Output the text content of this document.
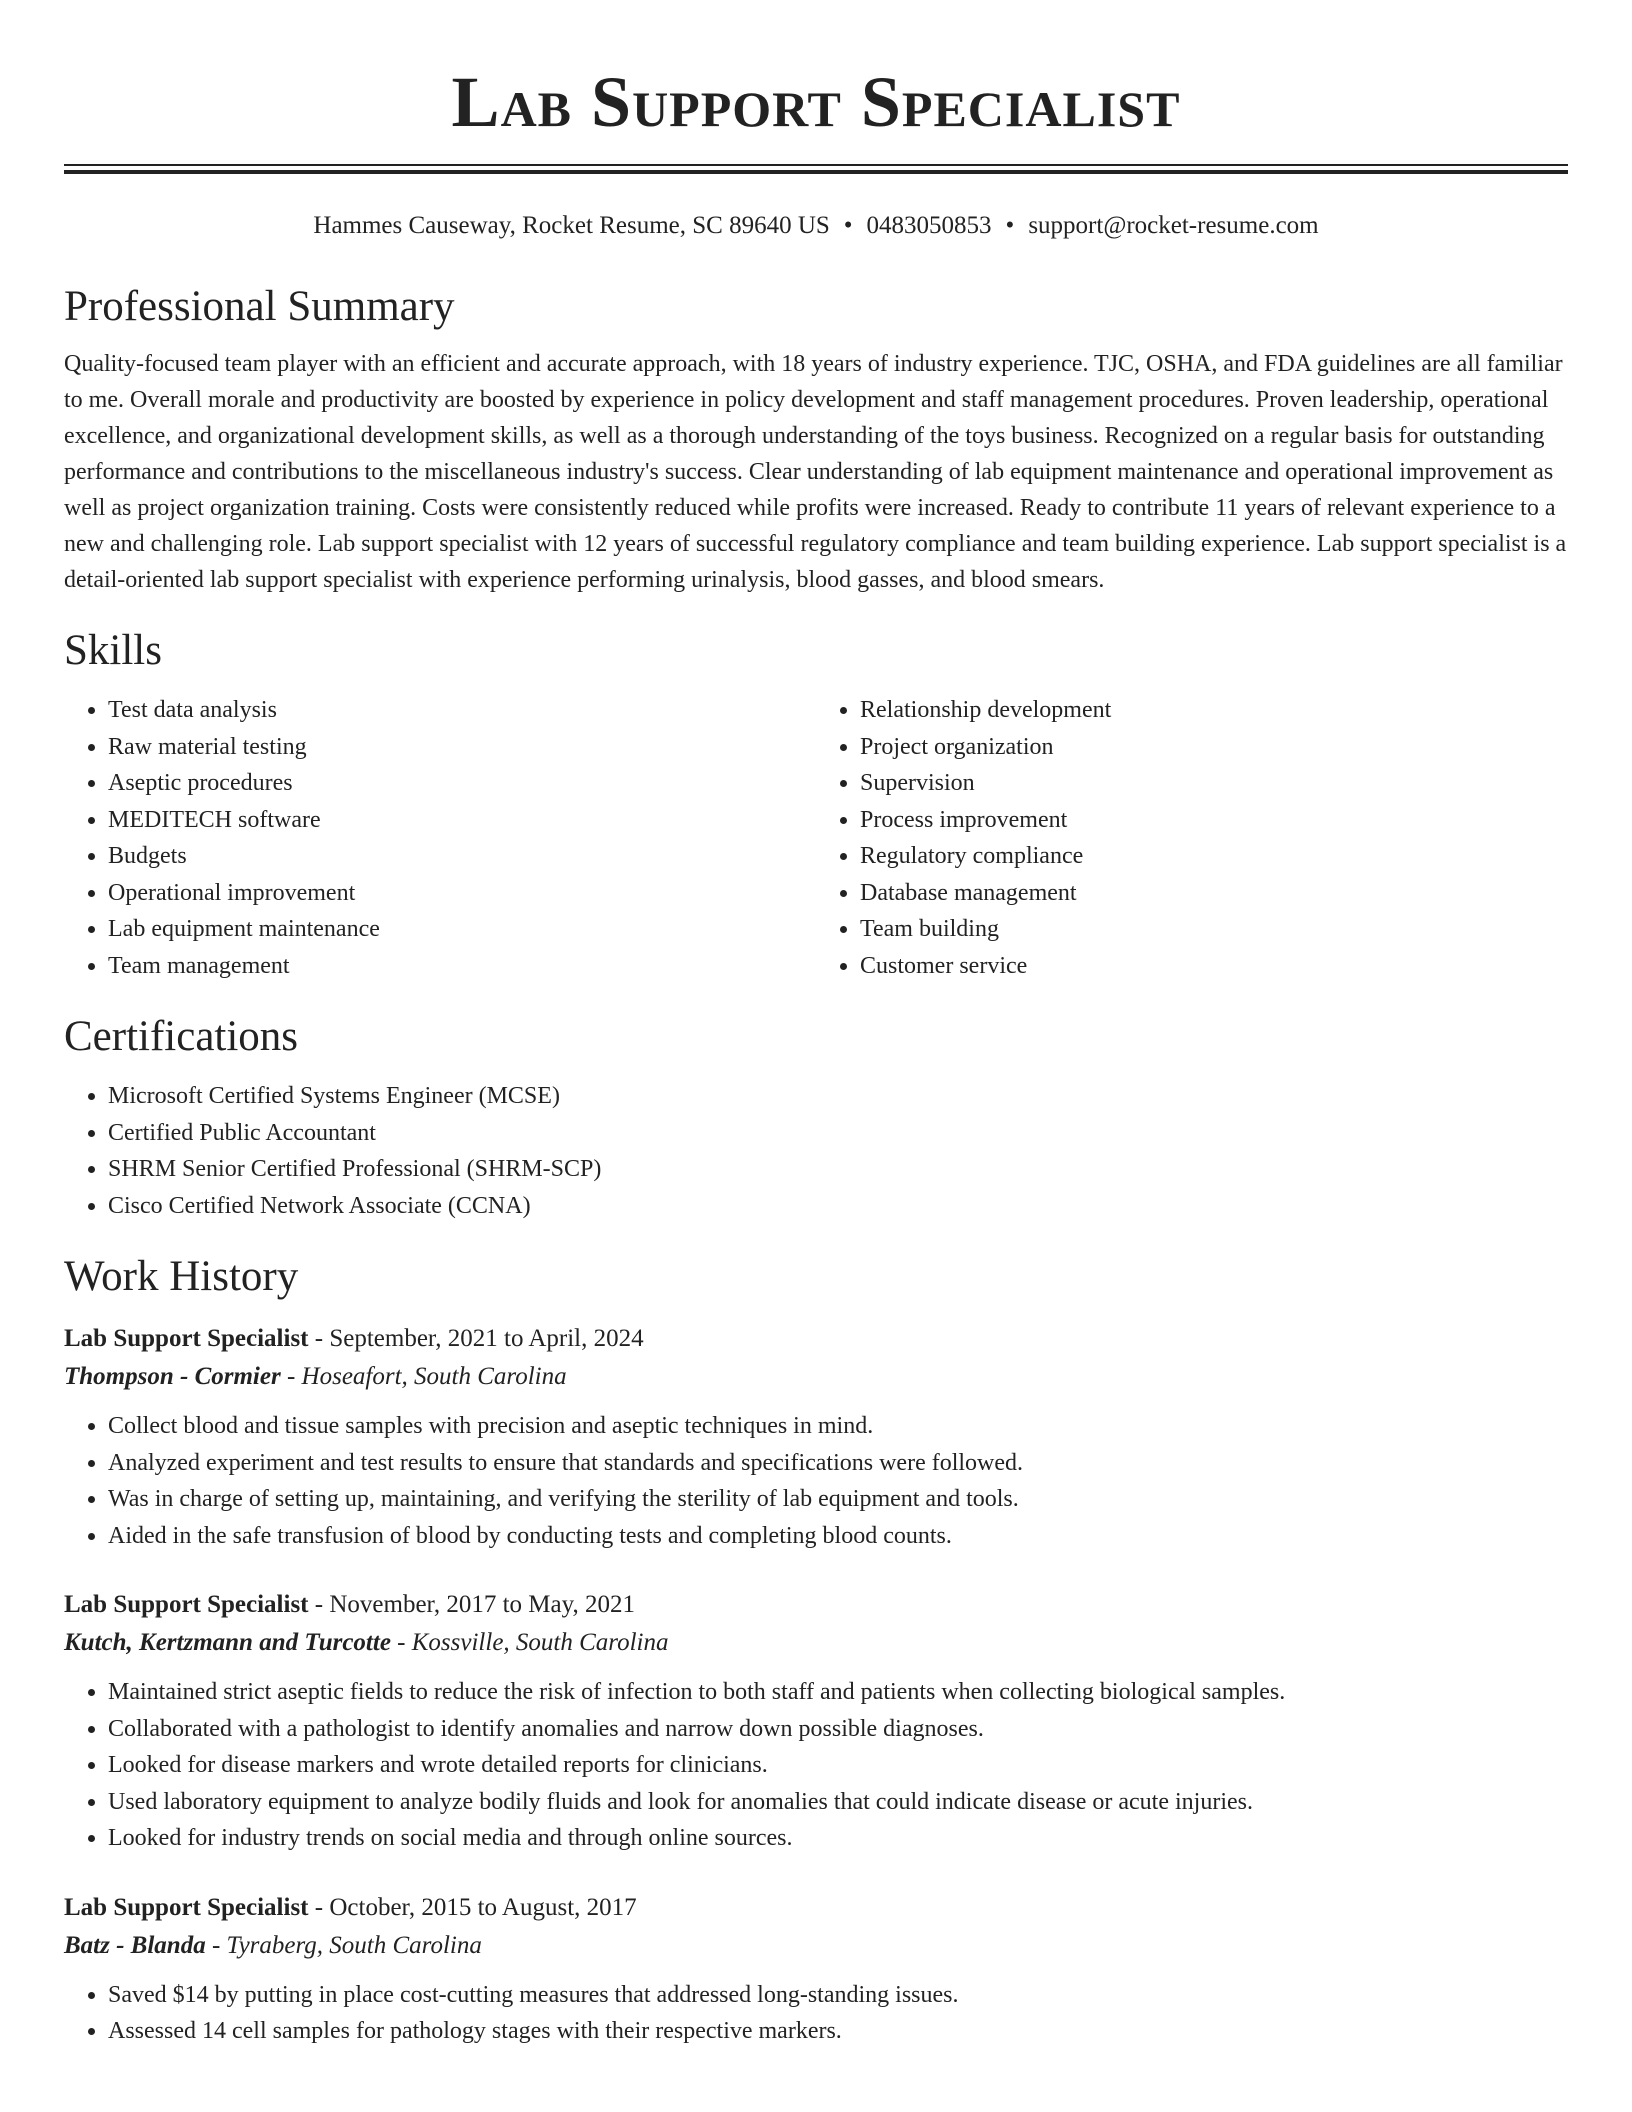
Lab Support Specialist
Hammes Causeway, Rocket Resume, SC 89640 US • 0483050853 • support@rocket-resume.com
Professional Summary

Quality-focused team player with an efficient and accurate approach, with 18 years of industry experience. TJC, OSHA, and FDA guidelines are all familiar to me. Overall morale and productivity are boosted by experience in policy development and staff management procedures. Proven leadership, operational excellence, and organizational development skills, as well as a thorough understanding of the toys business. Recognized on a regular basis for outstanding performance and contributions to the miscellaneous industry's success. Clear understanding of lab equipment maintenance and operational improvement as well as project organization training. Costs were consistently reduced while profits were increased. Ready to contribute 11 years of relevant experience to a new and challenging role. Lab support specialist with 12 years of successful regulatory compliance and team building experience. Lab support specialist is a detail-oriented lab support specialist with experience performing urinalysis, blood gasses, and blood smears.

Skills
• Test data analysis
• Raw material testing
• Aseptic procedures
• MEDITECH software
• Budgets
• Operational improvement
• Lab equipment maintenance
• Team management
• Relationship development
• Project organization
• Supervision
• Process improvement
• Regulatory compliance
• Database management
• Team building
• Customer service
Certifications
• Microsoft Certified Systems Engineer (MCSE)
• Certified Public Accountant
• SHRM Senior Certified Professional (SHRM-SCP)
• Cisco Certified Network Associate (CCNA)
Work History
Lab Support Specialist - September, 2021 to April, 2024
Thompson - Cormier - Hoseafort, South Carolina
• Collect blood and tissue samples with precision and aseptic techniques in mind.
• Analyzed experiment and test results to ensure that standards and specifications were followed.
• Was in charge of setting up, maintaining, and verifying the sterility of lab equipment and tools.
• Aided in the safe transfusion of blood by conducting tests and completing blood counts.
Lab Support Specialist - November, 2017 to May, 2021
Kutch, Kertzmann and Turcotte - Kossville, South Carolina
• Maintained strict aseptic fields to reduce the risk of infection to both staff and patients when collecting biological samples.
• Collaborated with a pathologist to identify anomalies and narrow down possible diagnoses.
• Looked for disease markers and wrote detailed reports for clinicians.
• Used laboratory equipment to analyze bodily fluids and look for anomalies that could indicate disease or acute injuries.
• Looked for industry trends on social media and through online sources.
Lab Support Specialist - October, 2015 to August, 2017
Batz - Blanda - Tyraberg, South Carolina
• Saved $14 by putting in place cost-cutting measures that addressed long-standing issues.
• Assessed 14 cell samples for pathology stages with their respective markers.
